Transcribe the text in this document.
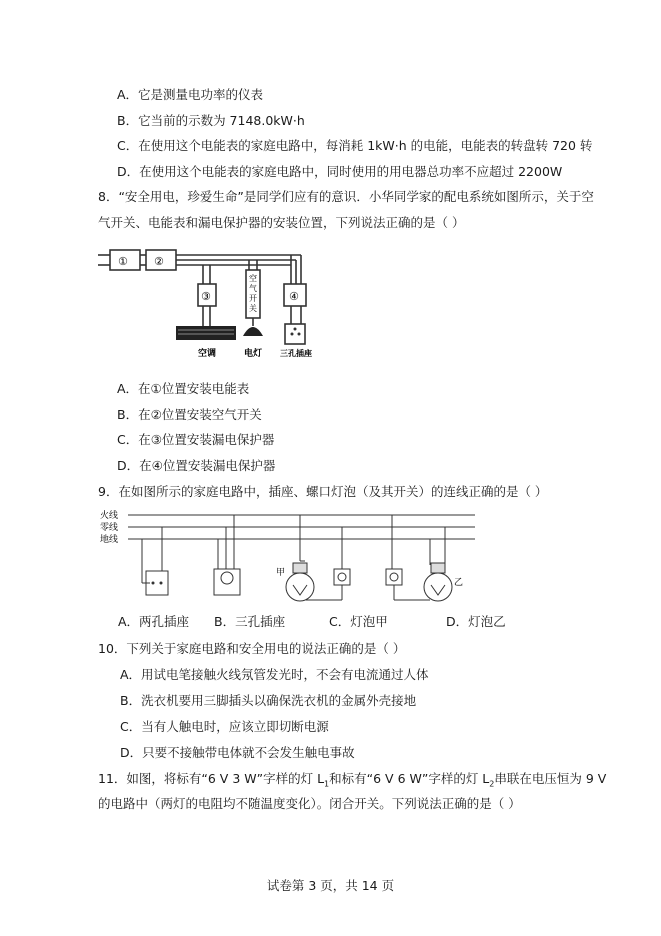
A．它是测量电功率的仪表
B．它当前的示数为 7148.0kW·h
C．在使用这个电能表的家庭电路中，每消耗 1kW·h 的电能，电能表的转盘转 720 转
D．在使用这个电能表的家庭电路中，同时使用的用电器总功率不应超过 2200W
8．“安全用电，珍爱生命”是同学们应有的意识．小华同学家的配电系统如图所示，关于空
气开关、电能表和漏电保护器的安装位置，下列说法正确的是（ ）
① ②
③	④
空
气
开
关
空调	电灯 三孔插座
A．在①位置安装电能表
B．在②位置安装空气开关
C．在③位置安装漏电保护器
D．在④位置安装漏电保护器
9．在如图所示的家庭电路中，插座、螺口灯泡（及其开关）的连线正确的是（ ）
火线
零线
地线
甲
乙
A．两孔插座 B．三孔插座	C．灯泡甲	D．灯泡乙
10．下列关于家庭电路和安全用电的说法正确的是（ ）
A．用试电笔接触火线氖管发光时，不会有电流通过人体
B．洗衣机要用三脚插头以确保洗衣机的金属外壳接地
C．当有人触电时，应该立即切断电源
D．只要不接触带电体就不会发生触电事故
11．如图，将标有“6 V 3 W”字样的灯 $L_1$和标有“6 V 6 W”字样的灯 $L_2$串联在电压恒为 9 V
的电路中（两灯的电阻均不随温度变化）。闭合开关。下列说法正确的是（ ）
试卷第 3 页，共 14 页
